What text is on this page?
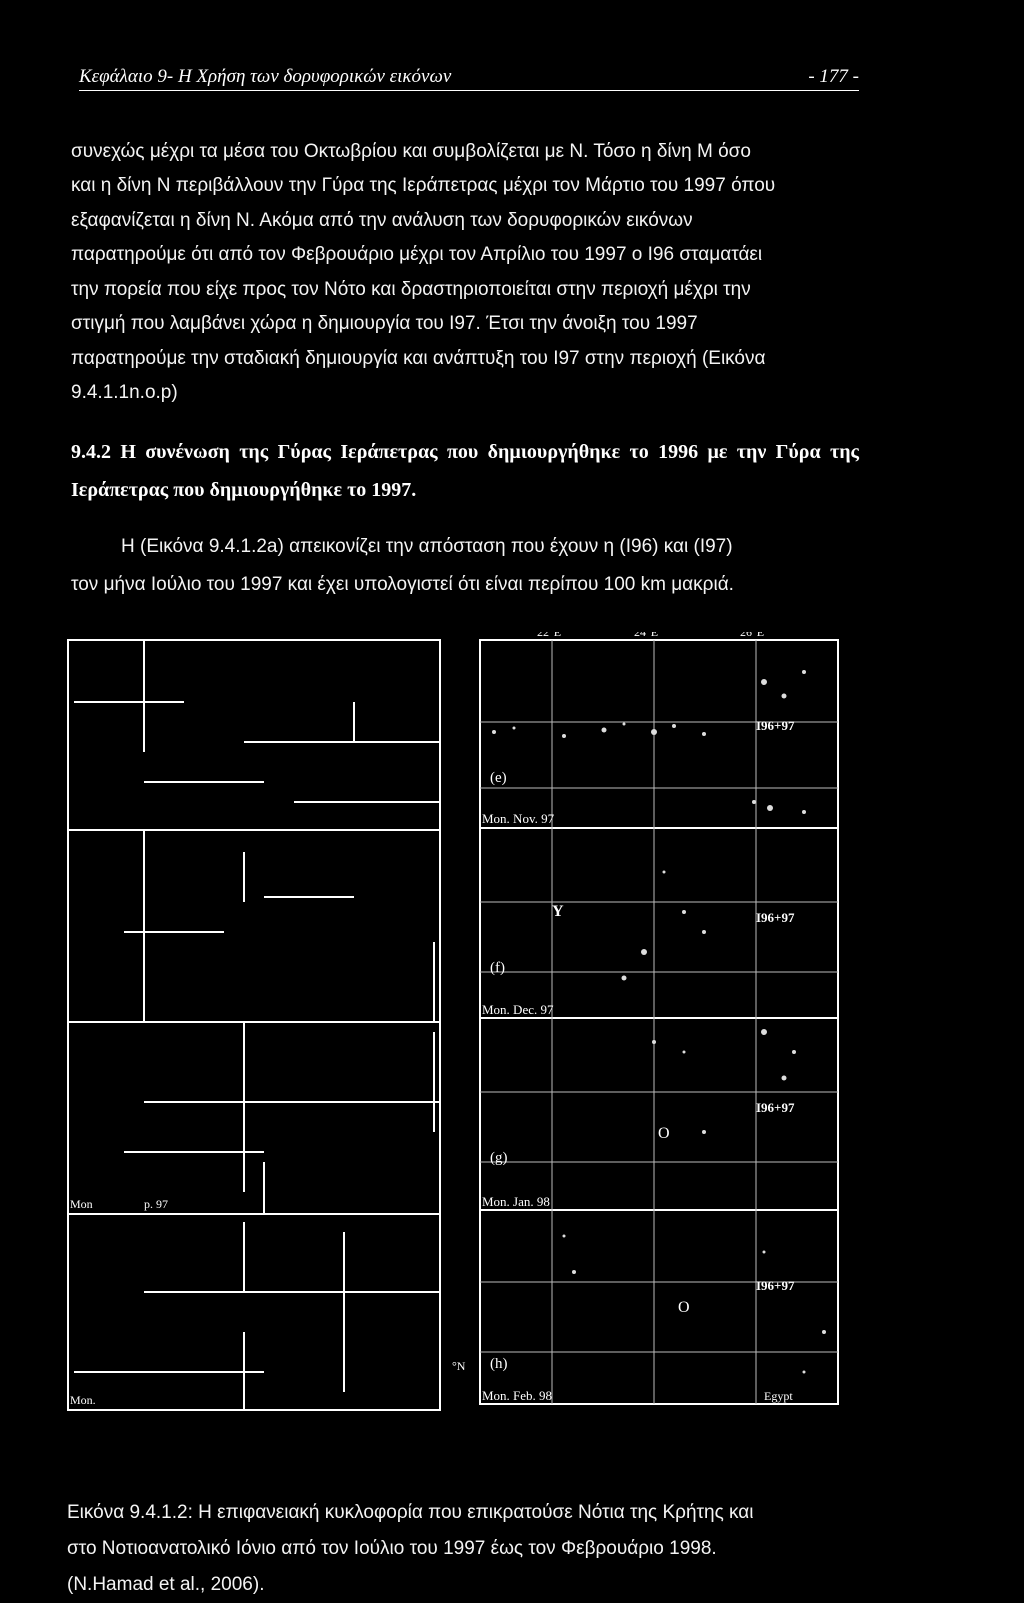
Κεφάλαιο 9- Η Χρήση των δορυφορικών εικόνων	- 177 -

συνεχώς μέχρι τα μέσα του Οκτωβρίου και συμβολίζεται με Ν. Τόσο η δίνη Μ όσο

και η δίνη Ν περιβάλλουν την Γύρα της Ιεράπετρας μέχρι τον Μάρτιο του 1997 όπου

εξαφανίζεται η δίνη Ν. Ακόμα από την ανάλυση των δορυφορικών εικόνων

παρατηρούμε ότι από τον Φεβρουάριο μέχρι τον Απρίλιο του 1997 ο Ι96 σταματάει

την πορεία που είχε προς τον Νότο και δραστηριοποιείται στην περιοχή μέχρι την

στιγμή που λαμβάνει χώρα η δημιουργία του Ι97. Έτσι την άνοιξη του 1997

παρατηρούμε την σταδιακή δημιουργία και ανάπτυξη του Ι97 στην περιοχή (Εικόνα

9.4.1.1n.o.p)

9.4.2 Η συνένωση της Γύρας Ιεράπετρας που δημιουργήθηκε το 1996 με την Γύρα της Ιεράπετρας που δημιουργήθηκε το 1997.

Η (Εικόνα 9.4.1.2a) απεικονίζει την απόσταση που έχουν η (Ι96) και (Ι97)
τον μήνα Ιούλιο του 1997 και έχει υπολογιστεί ότι είναι περίπου 100 km μακριά.
Mon	p. 97
Mon.
°N
22°E	24°E	26°E
(e)
Mon. Nov. 97
I96+97
Y
(f)
Mon. Dec. 97
I96+97
O
(g)
Mon. Jan. 98
I96+97
O
(h)
Mon. Feb. 98
I96+97
Egypt
Εικόνα 9.4.1.2: Η επιφανειακή κυκλοφορία που επικρατούσε Νότια της Κρήτης και
στο Νοτιοανατολικό Ιόνιο από τον Ιούλιο του 1997 έως τον Φεβρουάριο 1998.
(N.Hamad et al., 2006).
